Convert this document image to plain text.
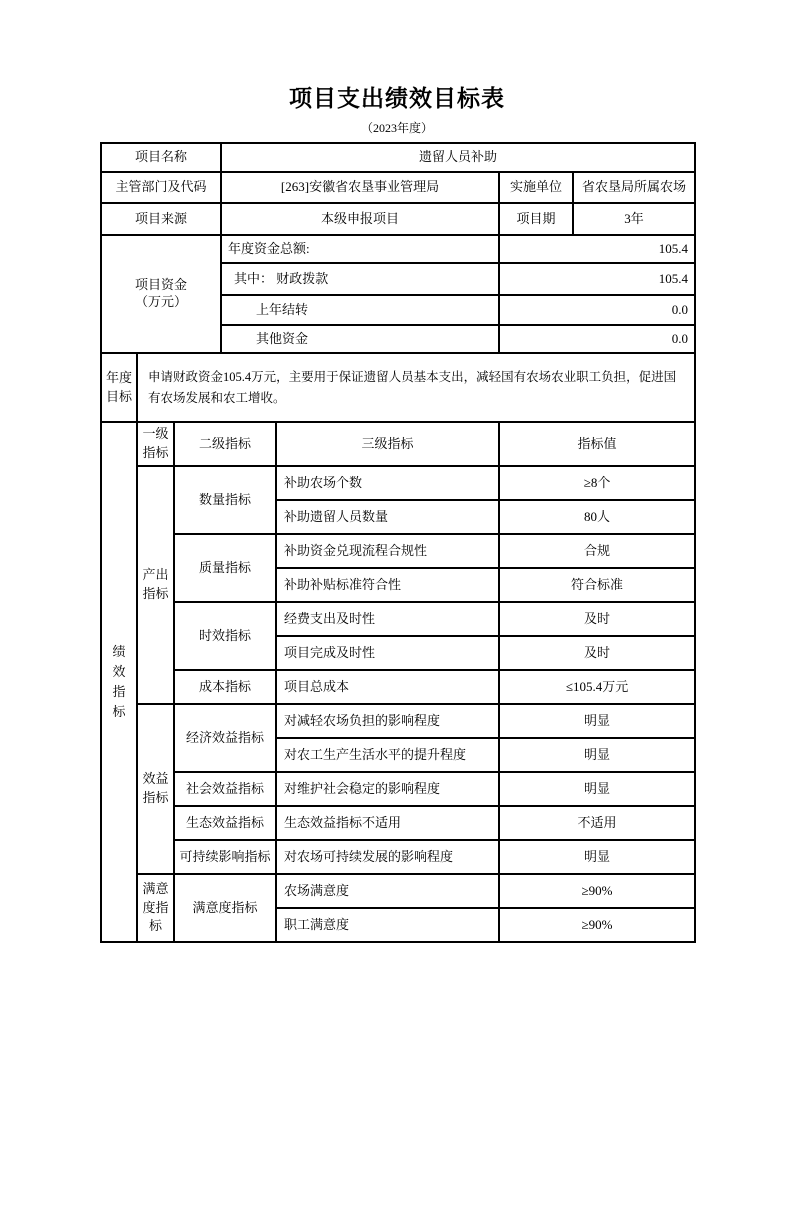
项目支出绩效目标表
（2023年度）
项目名称			遗留人员补助			
主管部门及代码			[263]安徽省农垦事业管理局		实施单位	省农垦局所属农场
项目来源			本级申报项目		项目期	3年

项目资金
（万元）			年度资金总额:		105.4	
			其中： 财政拨款		105.4	
			上年结转		0.0	
			其他资金		0.0	
年度目标	申请财政资金105.4万元，主要用于保证遗留人员基本支出，减轻国有农场农业职工负担，促进国有农场发展和农工增收。					

绩效指标	一级指标	二级指标		三级指标	指标值	
	产出指标	数量指标		补助农场个数	≥8个	
				补助遗留人员数量	80人	
		质量指标		补助资金兑现流程合规性	合规	
				补助补贴标准符合性	符合标准	
		时效指标		经费支出及时性	及时	
				项目完成及时性	及时	
		成本指标		项目总成本	≤105.4万元	
	效益指标	经济效益指标		对减轻农场负担的影响程度	明显	
				对农工生产生活水平的提升程度	明显	
		社会效益指标		对维护社会稳定的影响程度	明显	
		生态效益指标		生态效益指标不适用	不适用	
		可持续影响指标		对农场可持续发展的影响程度	明显	
	满意度指标	满意度指标		农场满意度	≥90%	
				职工满意度	≥90%	
